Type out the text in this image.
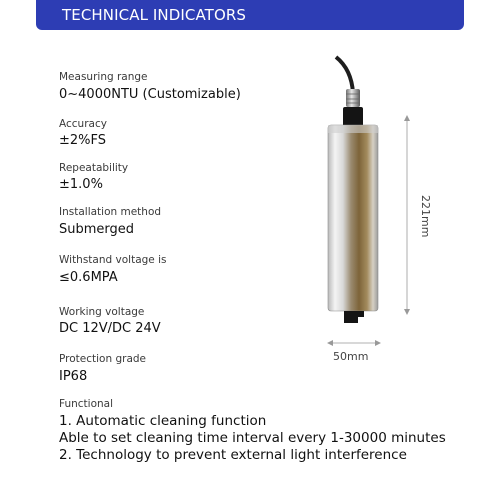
TECHNICAL INDICATORS
Measuring range
0~4000NTU (Customizable)
Accuracy
±2%FS
Repeatability
±1.0%
Installation method
Submerged
Withstand voltage is
≤0.6MPA
Working voltage
DC 12V/DC 24V
Protection grade
IP68
Functional
1. Automatic cleaning function
Able to set cleaning time interval every 1-30000 minutes
2. Technology to prevent external light interference
221mm
50mm
